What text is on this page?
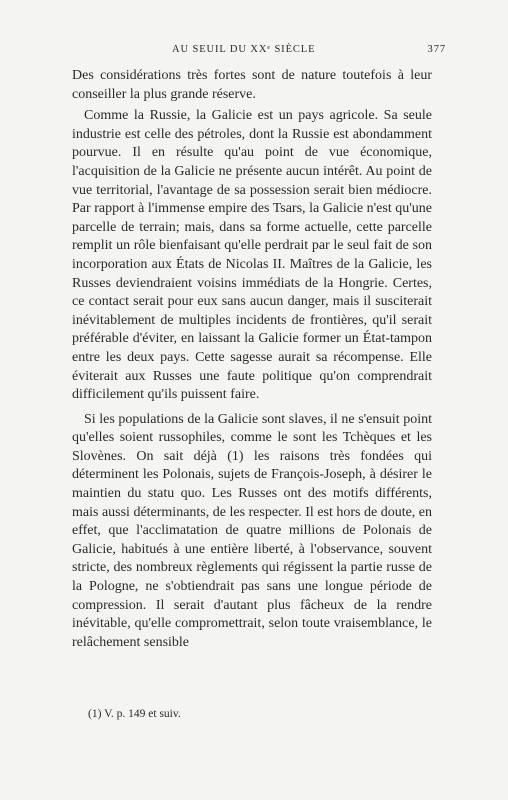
AU SEUIL DU XXᵉ SIÈCLE	377

Des considérations très fortes sont de nature toutefois à leur conseiller la plus grande réserve.

Comme la Russie, la Galicie est un pays agricole. Sa seule industrie est celle des pétroles, dont la Russie est abondamment pourvue. Il en résulte qu'au point de vue économique, l'acquisition de la Galicie ne présente aucun intérêt. Au point de vue territorial, l'avantage de sa possession serait bien médiocre. Par rapport à l'immense empire des Tsars, la Galicie n'est qu'une parcelle de terrain; mais, dans sa forme actuelle, cette parcelle remplit un rôle bienfaisant qu'elle perdrait par le seul fait de son incorporation aux États de Nicolas II. Maîtres de la Galicie, les Russes deviendraient voisins immédiats de la Hongrie. Certes, ce contact serait pour eux sans aucun danger, mais il susciterait inévitablement de multiples incidents de frontières, qu'il serait préférable d'éviter, en laissant la Galicie former un État-tampon entre les deux pays. Cette sagesse aurait sa récompense. Elle éviterait aux Russes une faute politique qu'on comprendrait difficilement qu'ils puissent faire.

Si les populations de la Galicie sont slaves, il ne s'ensuit point qu'elles soient russophiles, comme le sont les Tchèques et les Slovènes. On sait déjà (1) les raisons très fondées qui déterminent les Polonais, sujets de François-Joseph, à désirer le maintien du statu quo. Les Russes ont des motifs différents, mais aussi déterminants, de les respecter. Il est hors de doute, en effet, que l'acclimatation de quatre millions de Polonais de Galicie, habitués à une entière liberté, à l'observance, souvent stricte, des nombreux règlements qui régissent la partie russe de la Pologne, ne s'obtiendrait pas sans une longue période de compression. Il serait d'autant plus fâcheux de la rendre inévitable, qu'elle compromettrait, selon toute vraisemblance, le relâchement sensible

(1) V. p. 149 et suiv.
